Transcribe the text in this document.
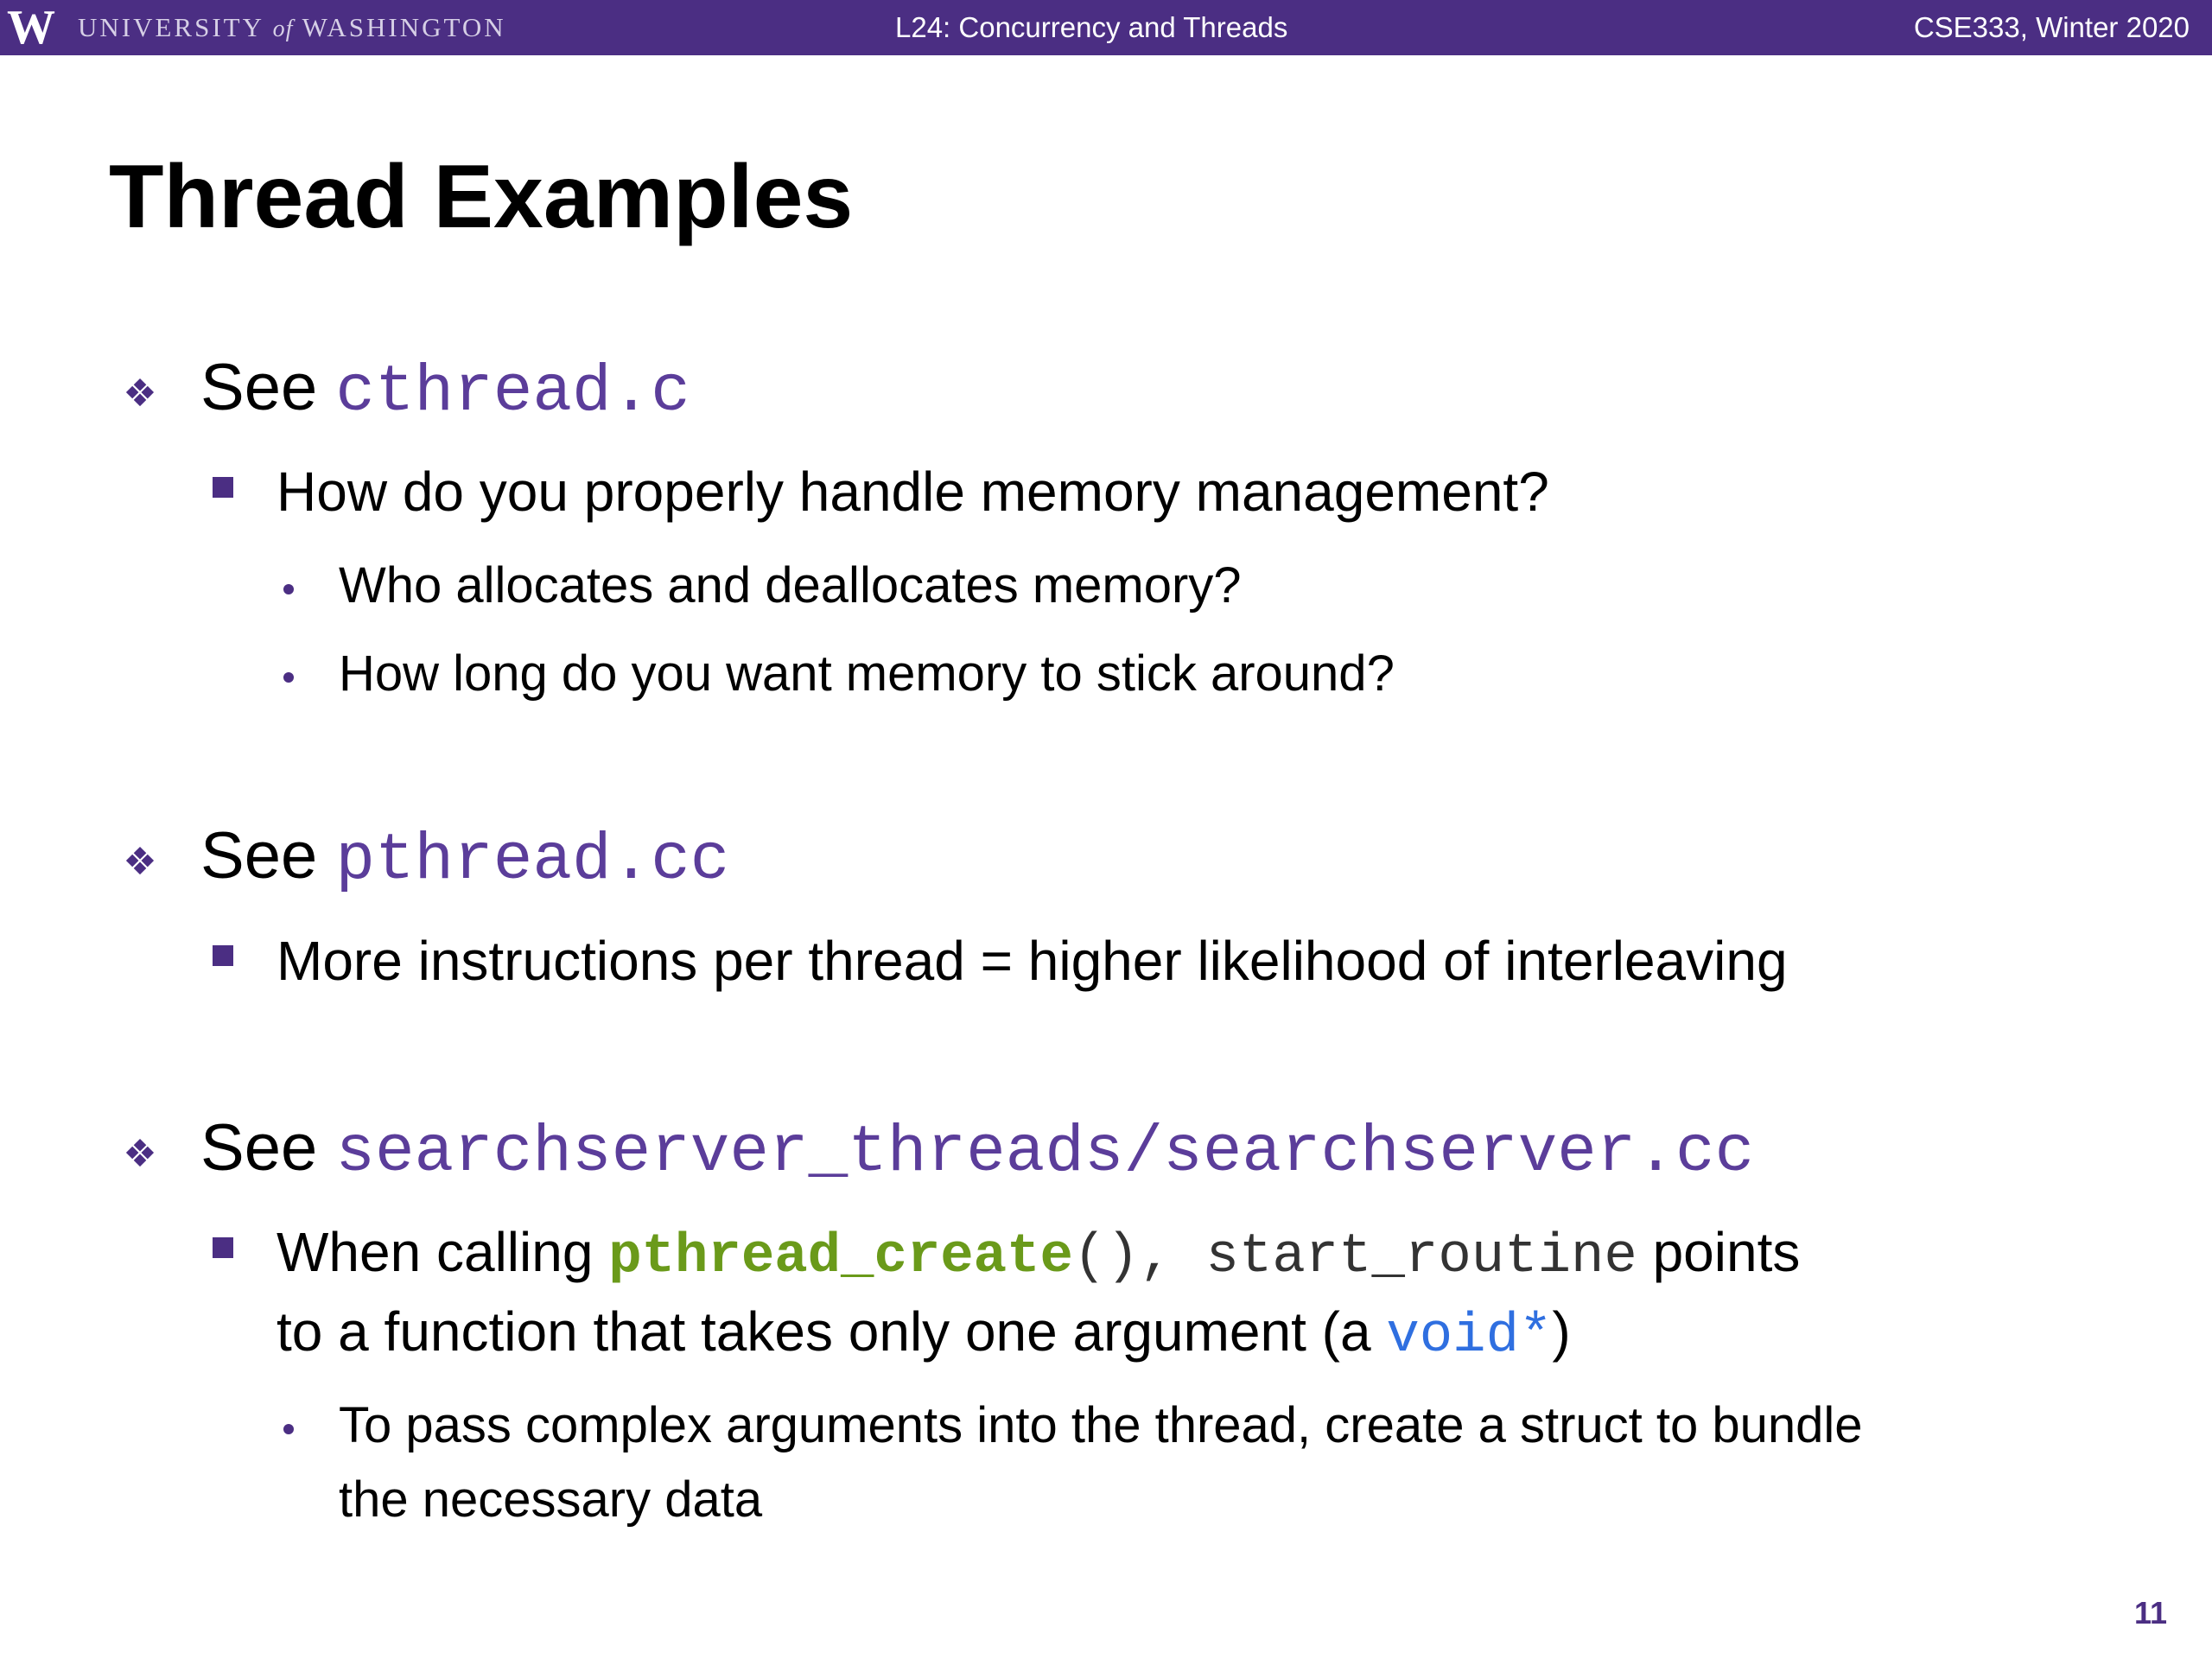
W UNIVERSITY of WASHINGTON	L24: Concurrency and Threads	CSE333, Winter 2020
Thread Examples
❖ See cthread.c
How do you properly handle memory management?
Who allocates and deallocates memory?
How long do you want memory to stick around?
❖ See pthread.cc
More instructions per thread = higher likelihood of interleaving
❖ See searchserver_threads/searchserver.cc
When calling pthread_create(), start_routine points
to a function that takes only one argument (a void*)
To pass complex arguments into the thread, create a struct to bundle
the necessary data
11
